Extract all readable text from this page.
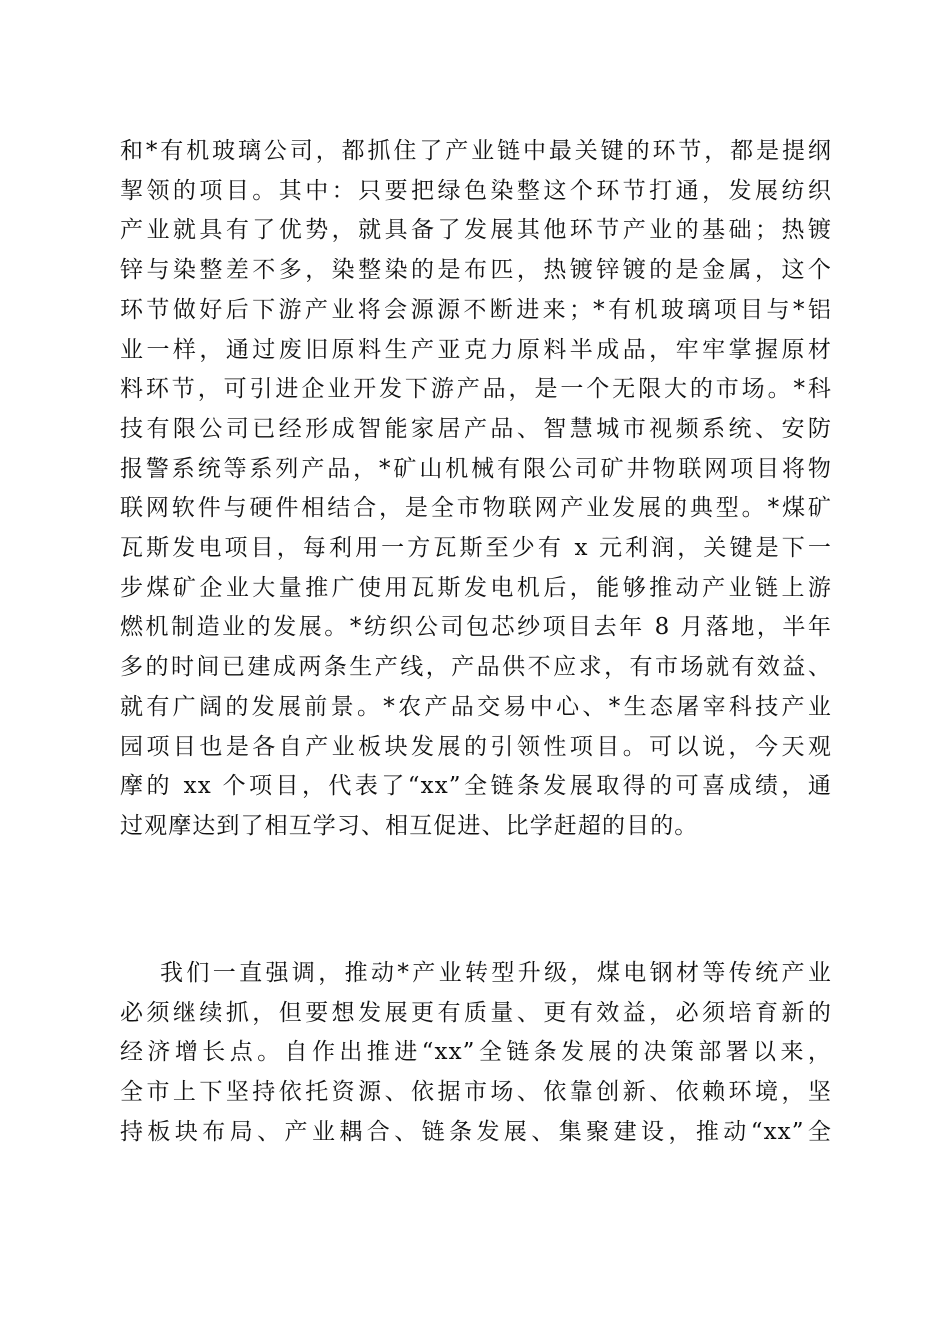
和*有机玻璃公司，都抓住了产业链中最关键的环节，都是提纲
挈领的项目。其中：只要把绿色染整这个环节打通，发展纺织
产业就具有了优势，就具备了发展其他环节产业的基础；热镀
锌与染整差不多，染整染的是布匹，热镀锌镀的是金属，这个
环节做好后下游产业将会源源不断进来；*有机玻璃项目与*铝
业一样，通过废旧原料生产亚克力原料半成品，牢牢掌握原材
料环节，可引进企业开发下游产品，是一个无限大的市场。*科
技有限公司已经形成智能家居产品、智慧城市视频系统、安防
报警系统等系列产品，*矿山机械有限公司矿井物联网项目将物
联网软件与硬件相结合，是全市物联网产业发展的典型。*煤矿
瓦斯发电项目，每利用一方瓦斯至少有 x 元利润，关键是下一
步煤矿企业大量推广使用瓦斯发电机后，能够推动产业链上游
燃机制造业的发展。*纺织公司包芯纱项目去年 8 月落地，半年
多的时间已建成两条生产线，产品供不应求，有市场就有效益、
就有广阔的发展前景。*农产品交易中心、*生态屠宰科技产业
园项目也是各自产业板块发展的引领性项目。可以说，今天观
摩的 xx 个项目，代表了“xx”全链条发展取得的可喜成绩，通
过观摩达到了相互学习、相互促进、比学赶超的目的。
我们一直强调，推动*产业转型升级，煤电钢材等传统产业
必须继续抓，但要想发展更有质量、更有效益，必须培育新的
经济增长点。自作出推进“xx”全链条发展的决策部署以来，
全市上下坚持依托资源、依据市场、依靠创新、依赖环境，坚
持板块布局、产业耦合、链条发展、集聚建设，推动“xx”全
